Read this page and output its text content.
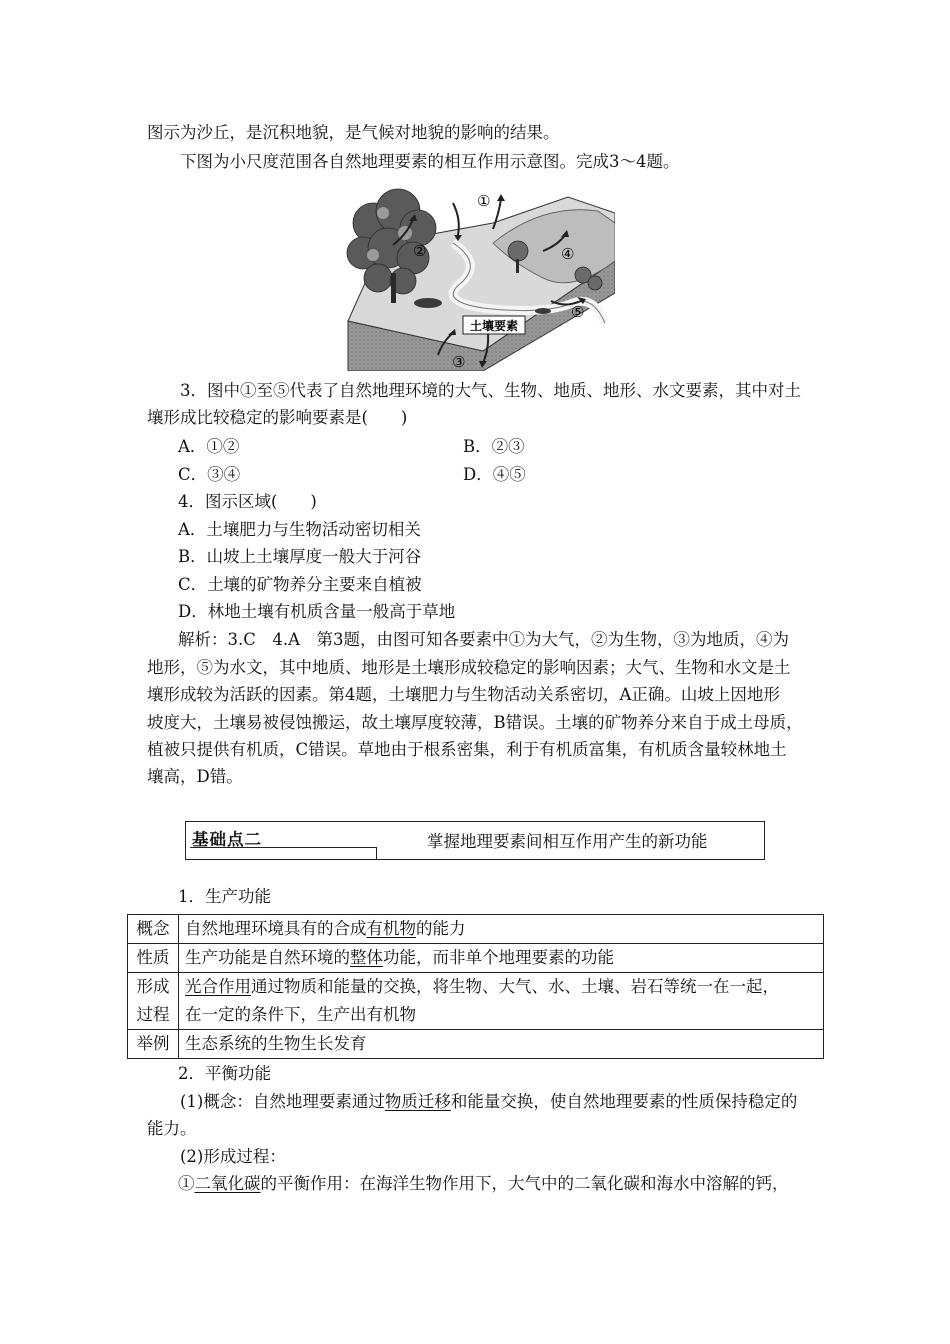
图示为沙丘，是沉积地貌，是气候对地貌的影响的结果。
下图为小尺度范围各自然地理要素的相互作用示意图。完成3～4题。
①
②
③
④
⑤
土壤要素
3．图中①至⑤代表了自然地理环境的大气、生物、地质、地形、水文要素，其中对土
壤形成比较稳定的影响要素是(　　)
A．①②	B．②③
C．③④	D．④⑤
4．图示区域(　　)
A．土壤肥力与生物活动密切相关
B．山坡上土壤厚度一般大于河谷
C．土壤的矿物养分主要来自植被
D．林地土壤有机质含量一般高于草地
解析：3.C　4.A　第3题，由图可知各要素中①为大气，②为生物，③为地质，④为
地形，⑤为水文，其中地质、地形是土壤形成较稳定的影响因素；大气、生物和水文是土
壤形成较为活跃的因素。第4题，土壤肥力与生物活动关系密切，A正确。山坡上因地形
坡度大，土壤易被侵蚀搬运，故土壤厚度较薄，B错误。土壤的矿物养分来自于成土母质，
植被只提供有机质，C错误。草地由于根系密集，利于有机质富集，有机质含量较林地土
壤高，D错。
基础点二	掌握地理要素间相互作用产生的新功能
1．生产功能
概念	自然地理环境具有的合成有机物的能力
性质	生产功能是自然环境的整体功能，而非单个地理要素的功能
形成
过程	光合作用通过物质和能量的交换，将生物、大气、水、土壤、岩石等统一在一起，
在一定的条件下，生产出有机物
举例	生态系统的生物生长发育
2．平衡功能
(1)概念：自然地理要素通过物质迁移和能量交换，使自然地理要素的性质保持稳定的
能力。
(2)形成过程：
①二氧化碳的平衡作用：在海洋生物作用下，大气中的二氧化碳和海水中溶解的钙，
